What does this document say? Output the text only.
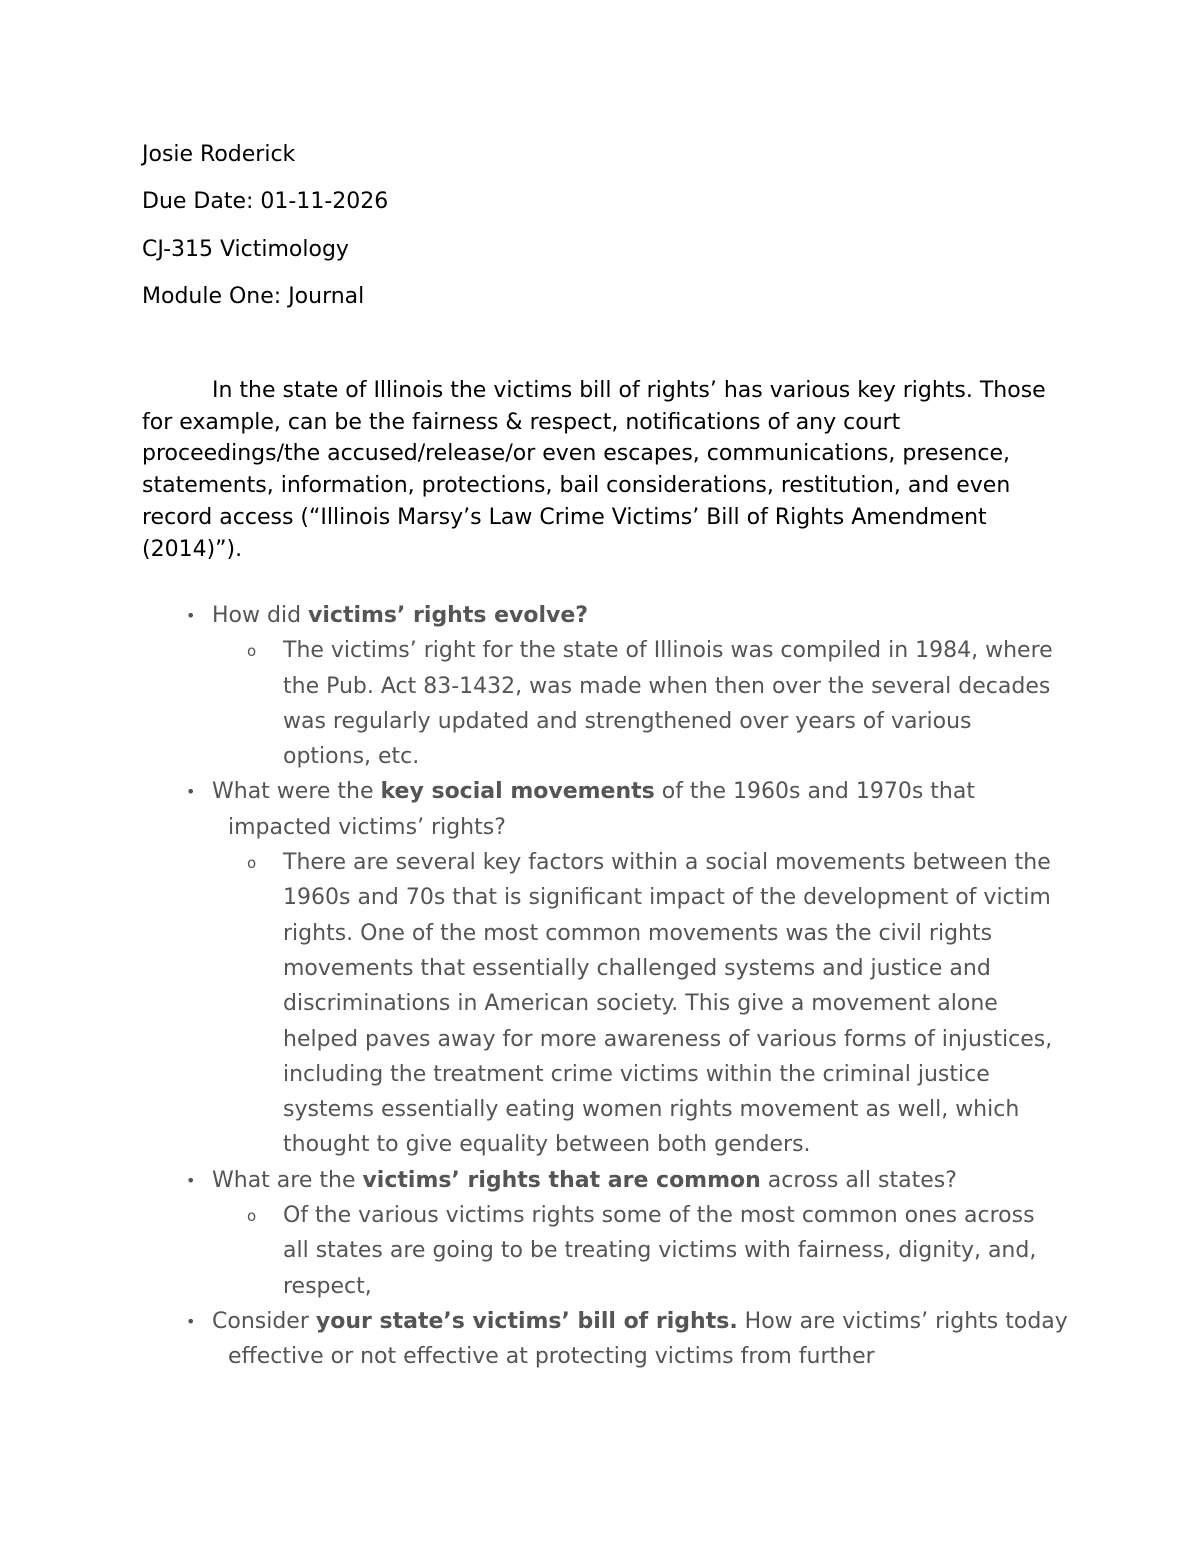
Josie Roderick
Due Date: 01-11-2026
CJ-315 Victimology
Module One: Journal

In the state of Illinois the victims bill of rights’ has various key rights. Those for example, can be the fairness & respect, notifications of any court proceedings/the accused/release/or even escapes, communications, presence, statements, information, protections, bail considerations, restitution, and even record access (“Illinois Marsy’s Law Crime Victims’ Bill of Rights Amendment (2014)”).

• How did victims’ rights evolve?
o The victims’ right for the state of Illinois was compiled in 1984, where the Pub. Act 83-1432, was made when then over the several decades was regularly updated and strengthened over years of various options, etc.
• What were the key social movements of the 1960s and 1970s that impacted victims’ rights?
o There are several key factors within a social movements between the 1960s and 70s that is significant impact of the development of victim rights. One of the most common movements was the civil rights movements that essentially challenged systems and justice and discriminations in American society. This give a movement alone helped paves away for more awareness of various forms of injustices, including the treatment crime victims within the criminal justice systems essentially eating women rights movement as well, which thought to give equality between both genders.
• What are the victims’ rights that are common across all states?
o Of the various victims rights some of the most common ones across all states are going to be treating victims with fairness, dignity, and, respect,
• Consider your state’s victims’ bill of rights. How are victims’ rights today effective or not effective at protecting victims from further
